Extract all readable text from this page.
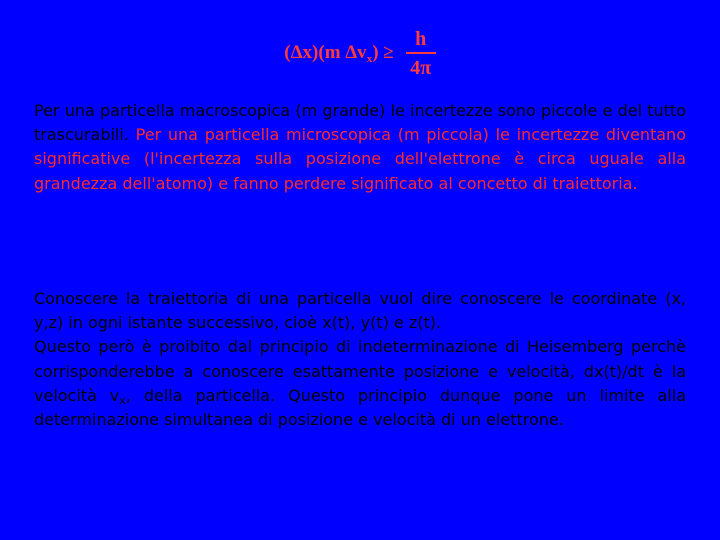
(Δx)(m $\Delta v_x) \ge \frac{h}{4\pi}$

Per una particella macroscopica (m grande) le incertezze sono piccole e del tutto trascurabili. Per una particella microscopica (m piccola) le incertezze diventano significative (l'incertezza sulla posizione dell'elettrone è circa uguale alla grandezza dell'atomo) e fanno perdere significato al concetto di traiettoria.

Conoscere la traiettoria di una particella vuol dire conoscere le coordinate (x, y,z) in ogni istante successivo, cioè x(t), y(t) e z(t).
Questo però è proibito dal principio di indeterminazione di Heisemberg perchè corrisponderebbe a conoscere esattamente posizione e velocità, dx(t)/dt è la velocità $v_x$, della particella. Questo principio dunque pone un limite alla determinazione simultanea di posizione e velocità di un elettrone.
